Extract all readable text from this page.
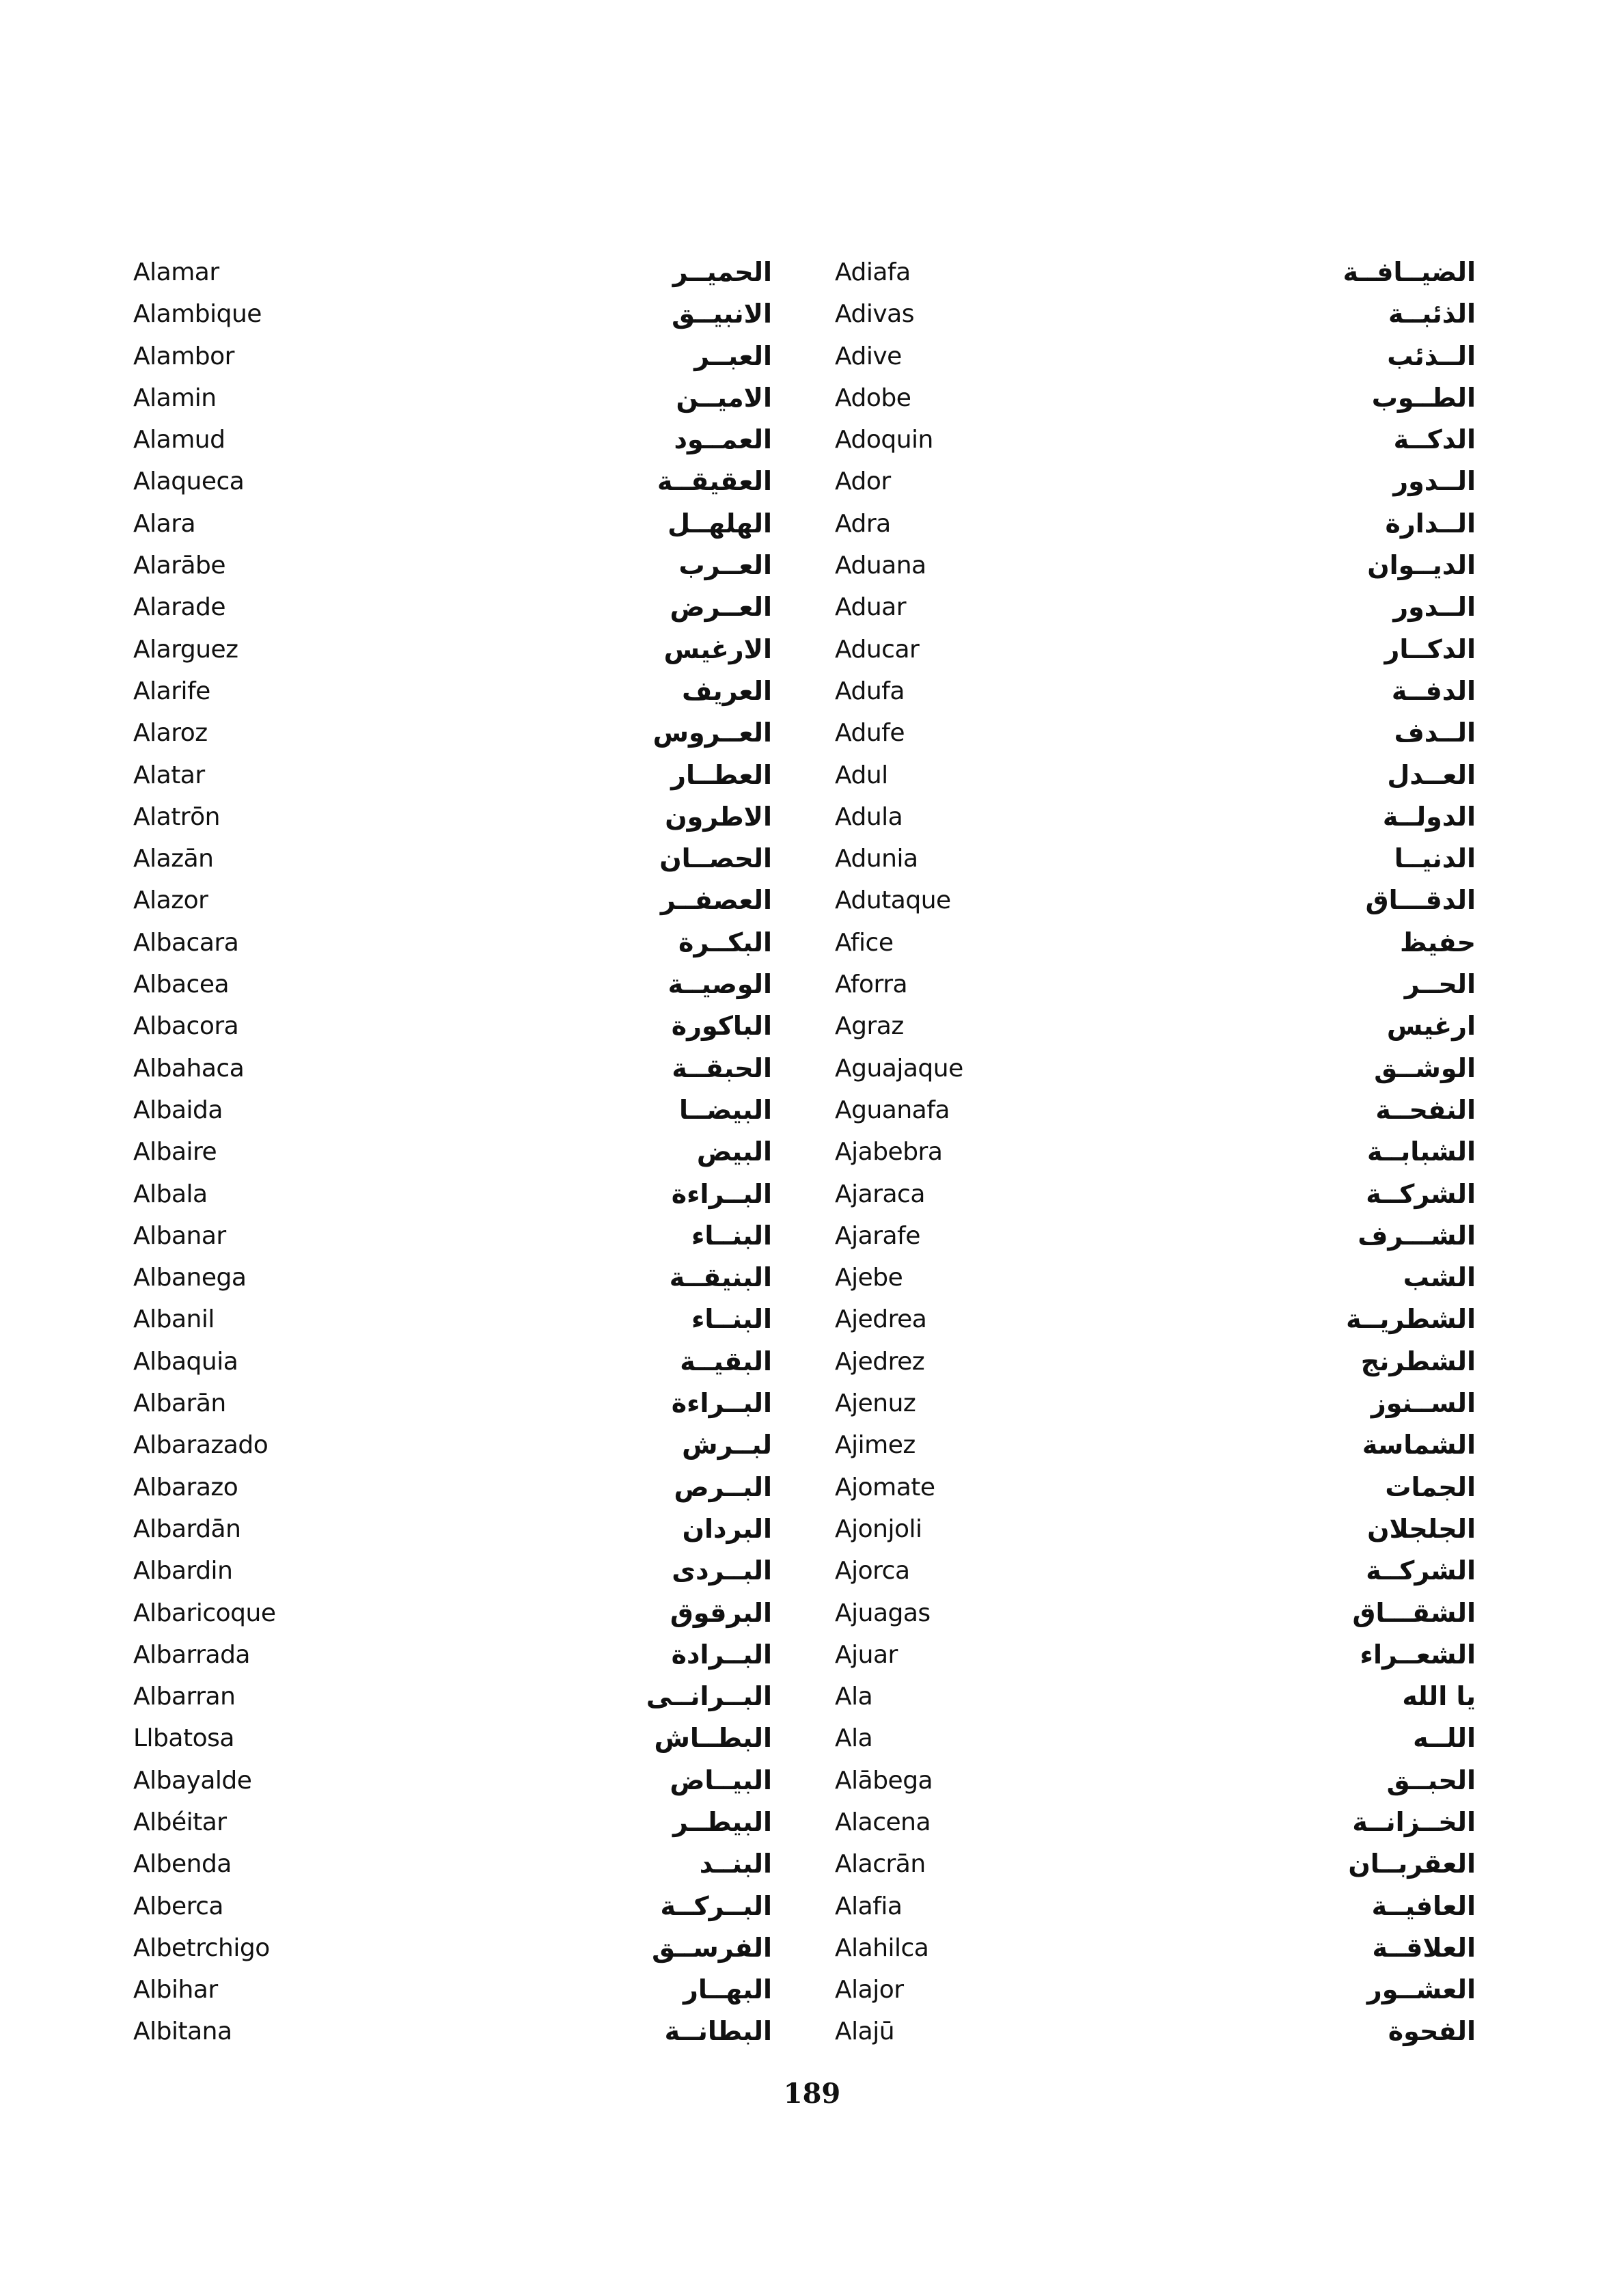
Alamar
Alambique
Alambor
Alamin
Alamud
Alaqueca
Alara
Alarābe
Alarade
Alarguez
Alarife
Alaroz
Alatar
Alatrōn
Alazān
Alazor
Albacara
Albacea
Albacora
Albahaca
Albaida
Albaire
Albala
Albanar
Albanega
Albanil
Albaquia
Albarān
Albarazado
Albarazo
Albardān
Albardin
Albaricoque
Albarrada
Albarran
Llbatosa
Albayalde
Albéitar
Albenda
Alberca
Albetrchigo
Albihar
Albitana
الحميــر
الانبيــق
العبــر
الاميــن
العمــود
العقيقــة
الهلهــل
العــرب
العــرض
الارغيس
العريف
العــروس
العطــار
الاطرون
الحصــان
العصفــر
البكــرة
الوصيــة
الباكورة
الحبقــة
البيضــا
البيض
البــراءة
البنــاء
البنيقــة
البنــاء
البقيــة
البــراءة
لبــرش
البــرص
البردان
البــردى
البرقوق
البــرادة
البــرانــى
البطــاش
البيــاض
البيطــر
البنــد
البــركــة
الفرســق
البهــار
البطانــة
Adiafa
Adivas
Adive
Adobe
Adoquin
Ador
Adra
Aduana
Aduar
Aducar
Adufa
Adufe
Adul
Adula
Adunia
Adutaque
Afice
Aforra
Agraz
Aguajaque
Aguanafa
Ajabebra
Ajaraca
Ajarafe
Ajebe
Ajedrea
Ajedrez
Ajenuz
Ajimez
Ajomate
Ajonjoli
Ajorca
Ajuagas
Ajuar
Ala
Ala
Alābega
Alacena
Alacrān
Alafia
Alahilca
Alajor
Alajū
الضيــافــة
الذئبــة
الــذئب
الطــوب
الدكــة
الــدور
الــدارة
الديــوان
الــدور
الدكــار
الدفــة
الــدف
العــدل
الدولــة
الدنيــا
الدقـــاق
حفيظ
الحــر
ارغيس
الوشــق
النفحــة
الشبابــة
الشركــة
الشـــرف
الشب
الشطريــة
الشطرنج
الســنوز
الشماسة
الجمات
الجلجلان
الشركــة
الشقـــاق
الشعــراء
يا الله
اللــه
الحبــق
الخــزانــة
العقربــان
العافيــة
العلاقــة
العشــور
الفحوة
189
